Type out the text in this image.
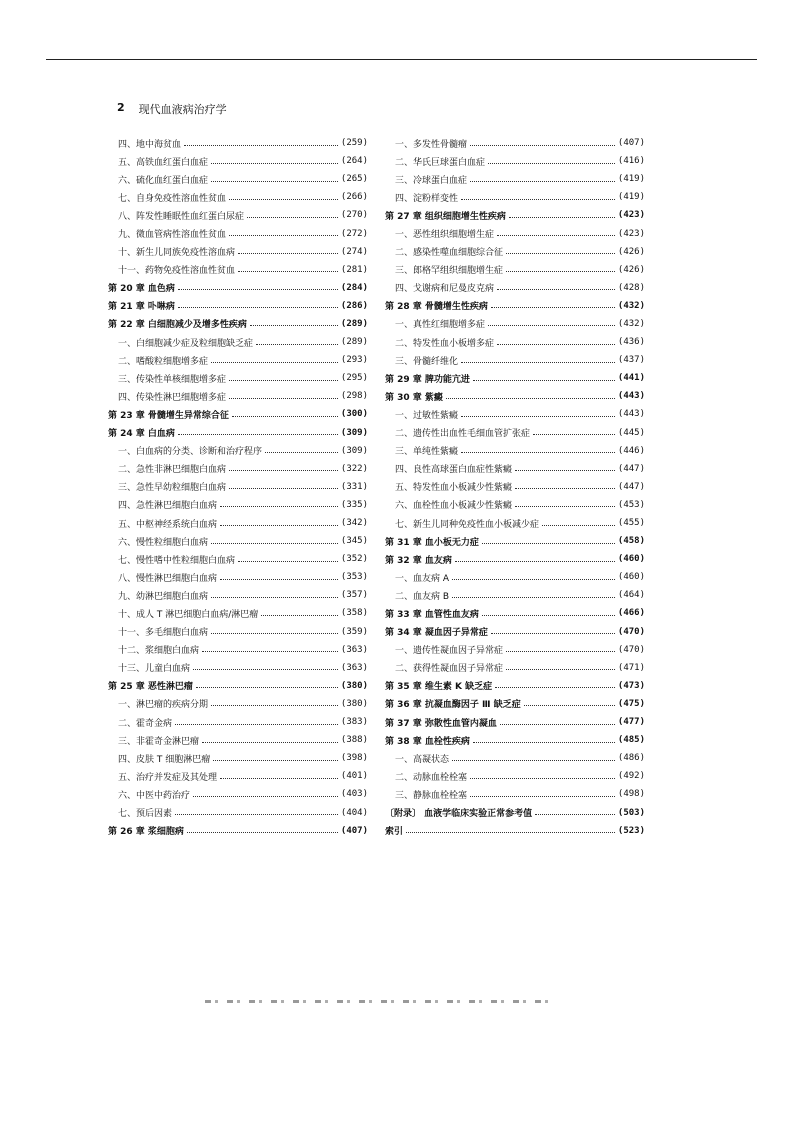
2 现代血液病治疗学
四、地中海贫血	(259)
五、高铁血红蛋白血症	(264)
六、硫化血红蛋白血症	(265)
七、自身免疫性溶血性贫血	(266)
八、阵发性睡眠性血红蛋白尿症	(270)
九、微血管病性溶血性贫血	(272)
十、新生儿同族免疫性溶血病	(274)
十一、药物免疫性溶血性贫血	(281)
第 20 章 血色病	(284)
第 21 章 卟啉病	(286)
第 22 章 白细胞减少及增多性疾病	(289)
一、白细胞减少症及粒细胞缺乏症	(289)
二、嗜酸粒细胞增多症	(293)
三、传染性单核细胞增多症	(295)
四、传染性淋巴细胞增多症	(298)
第 23 章 骨髓增生异常综合征	(300)
第 24 章 白血病	(309)
一、白血病的分类、诊断和治疗程序	(309)
二、急性非淋巴细胞白血病	(322)
三、急性早幼粒细胞白血病	(331)
四、急性淋巴细胞白血病	(335)
五、中枢神经系统白血病	(342)
六、慢性粒细胞白血病	(345)
七、慢性嗜中性粒细胞白血病	(352)
八、慢性淋巴细胞白血病	(353)
九、幼淋巴细胞白血病	(357)
十、成人 T 淋巴细胞白血病/淋巴瘤	(358)
十一、多毛细胞白血病	(359)
十二、浆细胞白血病	(363)
十三、儿童白血病	(363)
第 25 章 恶性淋巴瘤	(380)
一、淋巴瘤的疾病分期	(380)
二、霍奇金病	(383)
三、非霍奇金淋巴瘤	(388)
四、皮肤 T 细胞淋巴瘤	(398)
五、治疗并发症及其处理	(401)
六、中医中药治疗	(403)
七、预后因素	(404)
第 26 章 浆细胞病	(407)
一、多发性骨髓瘤	(407)
二、华氏巨球蛋白血症	(416)
三、冷球蛋白血症	(419)
四、淀粉样变性	(419)
第 27 章 组织细胞增生性疾病	(423)
一、恶性组织细胞增生症	(423)
二、感染性噬血细胞综合征	(426)
三、郎格罕组织细胞增生症	(426)
四、戈谢病和尼曼皮克病	(428)
第 28 章 骨髓增生性疾病	(432)
一、真性红细胞增多症	(432)
二、特发性血小板增多症	(436)
三、骨髓纤维化	(437)
第 29 章 脾功能亢进	(441)
第 30 章 紫癜	(443)
一、过敏性紫癜	(443)
二、遗传性出血性毛细血管扩张症	(445)
三、单纯性紫癜	(446)
四、良性高球蛋白血症性紫癜	(447)
五、特发性血小板减少性紫癜	(447)
六、血栓性血小板减少性紫癜	(453)
七、新生儿同种免疫性血小板减少症	(455)
第 31 章 血小板无力症	(458)
第 32 章 血友病	(460)
一、血友病 A	(460)
二、血友病 B	(464)
第 33 章 血管性血友病	(466)
第 34 章 凝血因子异常症	(470)
一、遗传性凝血因子异常症	(470)
二、获得性凝血因子异常症	(471)
第 35 章 维生素 K 缺乏症	(473)
第 36 章 抗凝血酶因子 Ⅲ 缺乏症	(475)
第 37 章 弥散性血管内凝血	(477)
第 38 章 血栓性疾病	(485)
一、高凝状态	(486)
二、动脉血栓栓塞	(492)
三、静脉血栓栓塞	(498)
〔附录〕 血液学临床实验正常参考值	(503)
索引	(523)
